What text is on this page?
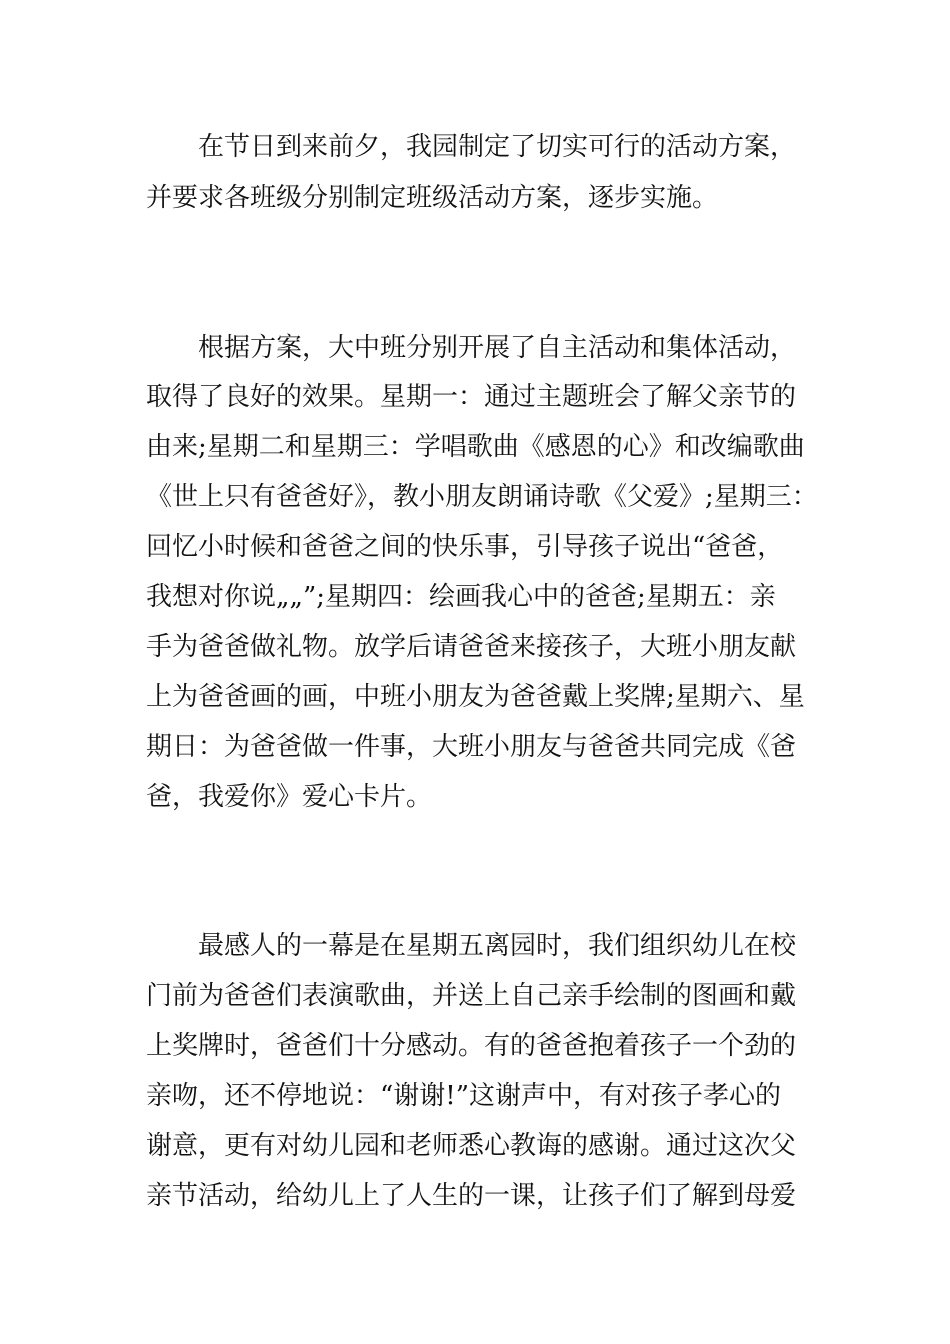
在节日到来前夕，我园制定了切实可行的活动方案，
并要求各班级分别制定班级活动方案，逐步实施。
根据方案，大中班分别开展了自主活动和集体活动，
取得了良好的效果。星期一：通过主题班会了解父亲节的
由来;星期二和星期三：学唱歌曲《感恩的心》和改编歌曲
《世上只有爸爸好》，教小朋友朗诵诗歌《父爱》;星期三：
回忆小时候和爸爸之间的快乐事，引导孩子说出“爸爸，
我想对你说„„”;星期四：绘画我心中的爸爸;星期五：亲
手为爸爸做礼物。放学后请爸爸来接孩子，大班小朋友献
上为爸爸画的画，中班小朋友为爸爸戴上奖牌;星期六、星
期日：为爸爸做一件事，大班小朋友与爸爸共同完成《爸
爸，我爱你》爱心卡片。
最感人的一幕是在星期五离园时，我们组织幼儿在校
门前为爸爸们表演歌曲，并送上自己亲手绘制的图画和戴
上奖牌时，爸爸们十分感动。有的爸爸抱着孩子一个劲的
亲吻，还不停地说：“谢谢!”这谢声中，有对孩子孝心的
谢意，更有对幼儿园和老师悉心教诲的感谢。通过这次父
亲节活动，给幼儿上了人生的一课，让孩子们了解到母爱
